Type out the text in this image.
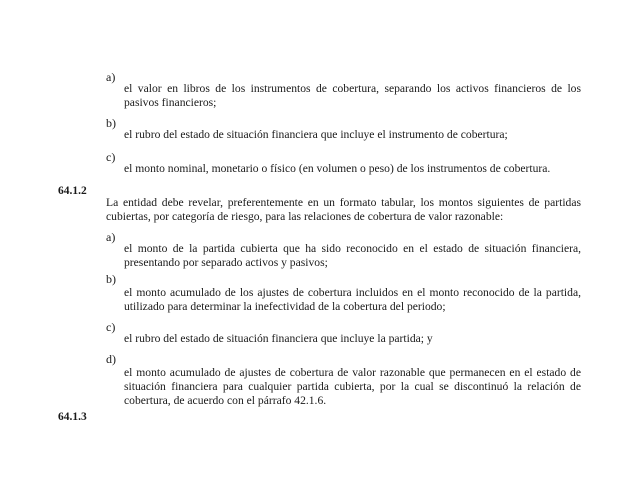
a)
el valor en libros de los instrumentos de cobertura, separando los activos financieros de los pasivos financieros;
b)
el rubro del estado de situación financiera que incluye el instrumento de cobertura;
c)
el monto nominal, monetario o físico (en volumen o peso) de los instrumentos de cobertura.
64.1.2
La entidad debe revelar, preferentemente en un formato tabular, los montos siguientes de partidas cubiertas, por categoría de riesgo, para las relaciones de cobertura de valor razonable:
a)
el monto de la partida cubierta que ha sido reconocido en el estado de situación financiera, presentando por separado activos y pasivos;
b)
el monto acumulado de los ajustes de cobertura incluidos en el monto reconocido de la partida, utilizado para determinar la inefectividad de la cobertura del periodo;
c)
el rubro del estado de situación financiera que incluye la partida; y
d)
el monto acumulado de ajustes de cobertura de valor razonable que permanecen en el estado de situación financiera para cualquier partida cubierta, por la cual se discontinuó la relación de cobertura, de acuerdo con el párrafo 42.1.6.
64.1.3
